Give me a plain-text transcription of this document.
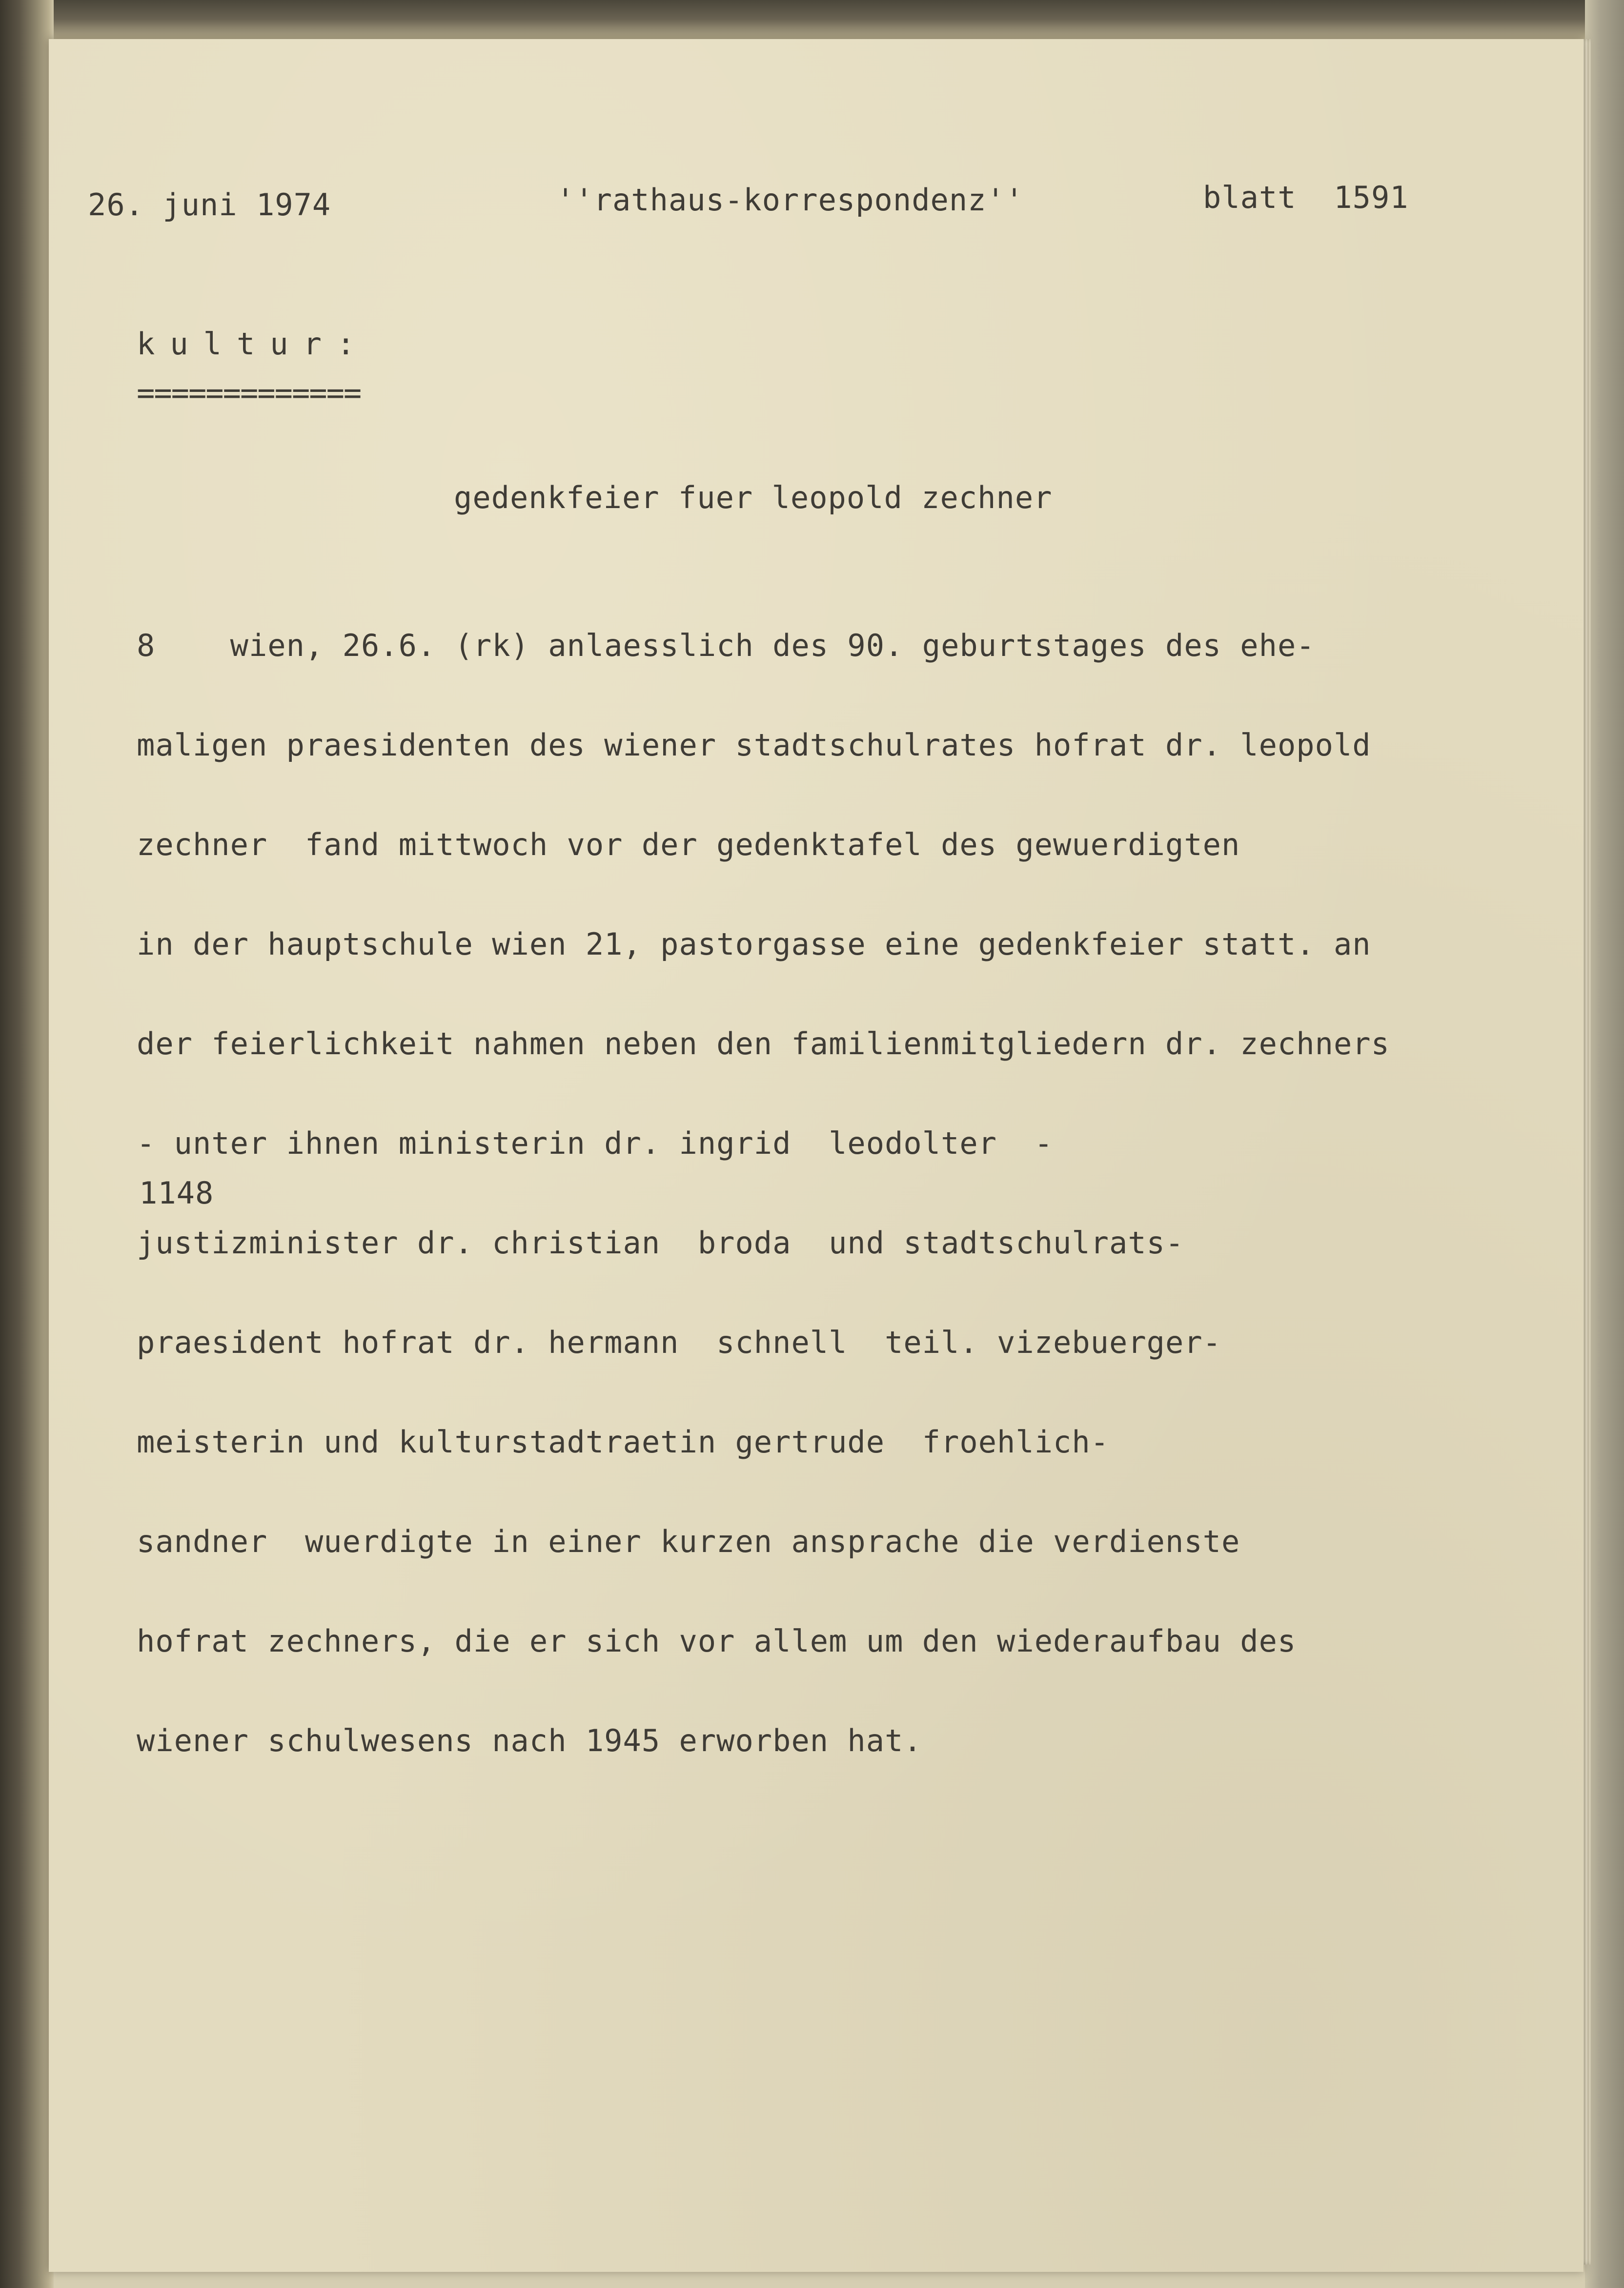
26. juni 1974	''rathaus-korrespondenz''	blatt  1591
kultur:
=============
gedenkfeier fuer leopold zechner

8    wien, 26.6. (rk) anlaesslich des 90. geburtstages des ehe-

maligen praesidenten des wiener stadtschulrates hofrat dr. leopold

zechner  fand mittwoch vor der gedenktafel des gewuerdigten

in der hauptschule wien 21, pastorgasse eine gedenkfeier statt. an

der feierlichkeit nahmen neben den familienmitgliedern dr. zechners

- unter ihnen ministerin dr. ingrid  leodolter  -

justizminister dr. christian  broda  und stadtschulrats-

praesident hofrat dr. hermann  schnell  teil. vizebuerger-

meisterin und kulturstadtraetin gertrude  froehlich-

sandner  wuerdigte in einer kurzen ansprache die verdienste

hofrat zechners, die er sich vor allem um den wiederaufbau des

wiener schulwesens nach 1945 erworben hat.

1148
